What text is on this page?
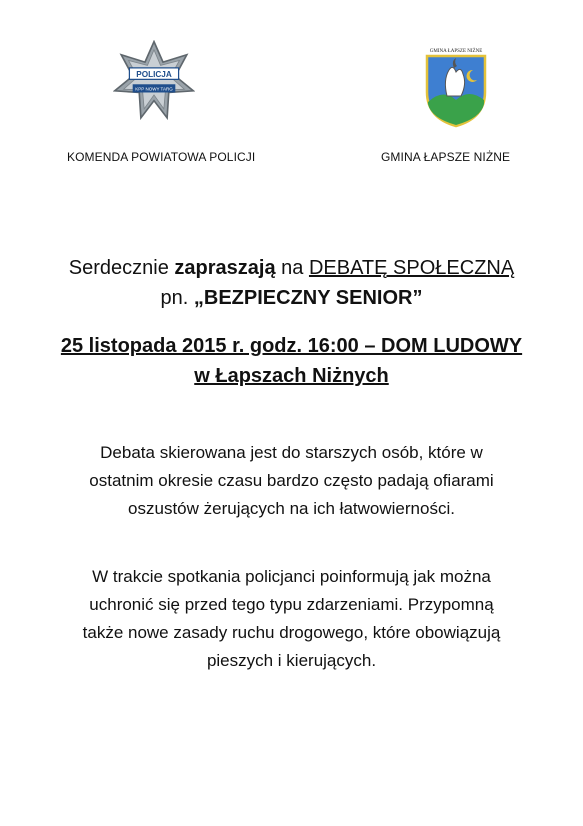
POLICJA
KPP NOWY TARG
GMINA ŁAPSZE NIŻNE
KOMENDA POWIATOWA POLICJI	GMINA ŁAPSZE NIŻNE
Serdecznie zapraszają na DEBATĘ SPOŁECZNĄ pn. „BEZPIECZNY SENIOR”
25 listopada 2015 r. godz. 16:00 – DOM LUDOWY w Łapszach Niżnych
Debata skierowana jest do starszych osób, które w ostatnim okresie czasu bardzo często padają ofiarami oszustów żerujących na ich łatwowierności.
W trakcie spotkania policjanci poinformują jak można uchronić się przed tego typu zdarzeniami. Przypomną także nowe zasady ruchu drogowego, które obowiązują pieszych i kierujących.
